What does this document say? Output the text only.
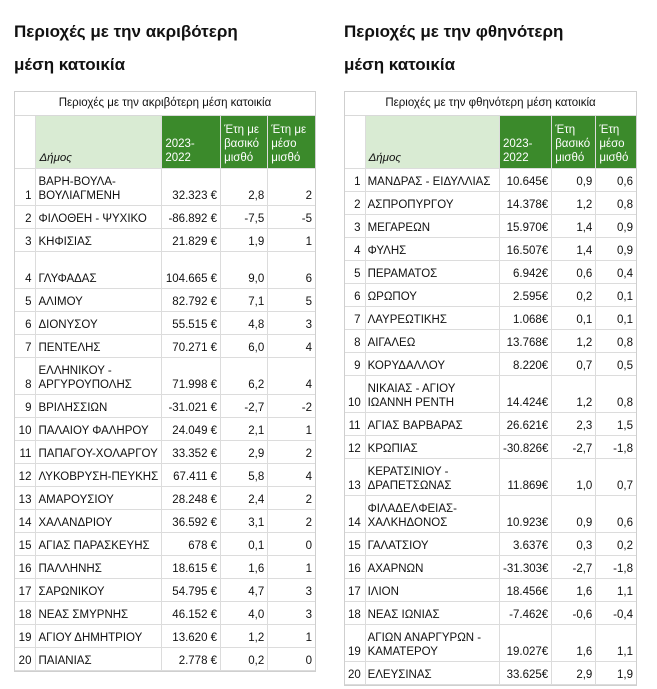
Περιοχές με την ακριβότερη
μέση κατοικία
Περιοχές με την ακριβότερη μέση κατοικία
	Δήμος	2023-2022	Έτη με βασικό μισθό	Έτη με μέσο μισθό
1	ΒΑΡΗ-ΒΟΥΛΑ-ΒΟΥΛΙΑΓΜΕΝΗ	32.323 €	2,8	2
2	ΦΙΛΟΘΕΗ - ΨΥΧΙΚΟ	-86.892 €	-7,5	-5
3	ΚΗΦΙΣΙΑΣ	21.829 €	1,9	1
4	ΓΛΥΦΑΔΑΣ	104.665 €	9,0	6
5	ΑΛΙΜΟΥ	82.792 €	7,1	5
6	ΔΙΟΝΥΣΟΥ	55.515 €	4,8	3
7	ΠΕΝΤΕΛΗΣ	70.271 €	6,0	4
8	ΕΛΛΗΝΙΚΟΥ - ΑΡΓΥΡΟΥΠΟΛΗΣ	71.998 €	6,2	4
9	ΒΡΙΛΗΣΣΙΩΝ	-31.021 €	-2,7	-2
10	ΠΑΛΑΙΟΥ ΦΑΛΗΡΟΥ	24.049 €	2,1	1
11	ΠΑΠΑΓΟΥ-ΧΟΛΑΡΓΟΥ	33.352 €	2,9	2
12	ΛΥΚΟΒΡΥΣΗ-ΠΕΥΚΗΣ	67.411 €	5,8	4
13	ΑΜΑΡΟΥΣΙΟΥ	28.248 €	2,4	2
14	ΧΑΛΑΝΔΡΙΟΥ	36.592 €	3,1	2
15	ΑΓΙΑΣ ΠΑΡΑΣΚΕΥΗΣ	678 €	0,1	0
16	ΠΑΛΛΗΝΗΣ	18.615 €	1,6	1
17	ΣΑΡΩΝΙΚΟΥ	54.795 €	4,7	3
18	ΝΕΑΣ ΣΜΥΡΝΗΣ	46.152 €	4,0	3
19	ΑΓΙΟΥ ΔΗΜΗΤΡΙΟΥ	13.620 €	1,2	1
20	ΠΑΙΑΝΙΑΣ	2.778 €	0,2	0
Περιοχές με την φθηνότερη
μέση κατοικία
Περιοχές με την φθηνότερη μέση κατοικία
	Δήμος	2023-2022	Έτη βασικό μισθό	Έτη μέσο μισθό
1	ΜΑΝΔΡΑΣ - ΕΙΔΥΛΛΙΑΣ	10.645€	0,9	0,6
2	ΑΣΠΡΟΠΥΡΓΟΥ	14.378€	1,2	0,8
3	ΜΕΓΑΡΕΩΝ	15.970€	1,4	0,9
4	ΦΥΛΗΣ	16.507€	1,4	0,9
5	ΠΕΡΑΜΑΤΟΣ	6.942€	0,6	0,4
6	ΩΡΩΠΟΥ	2.595€	0,2	0,1
7	ΛΑΥΡΕΩΤΙΚΗΣ	1.068€	0,1	0,1
8	ΑΙΓΑΛΕΩ	13.768€	1,2	0,8
9	ΚΟΡΥΔΑΛΛΟΥ	8.220€	0,7	0,5
10	ΝΙΚΑΙΑΣ - ΑΓΙΟΥ ΙΩΑΝΝΗ ΡΕΝΤΗ	14.424€	1,2	0,8
11	ΑΓΙΑΣ ΒΑΡΒΑΡΑΣ	26.621€	2,3	1,5
12	ΚΡΩΠΙΑΣ	-30.826€	-2,7	-1,8
13	ΚΕΡΑΤΣΙΝΙΟΥ - ΔΡΑΠΕΤΣΩΝΑΣ	11.869€	1,0	0,7
14	ΦΙΛΑΔΕΛΦΕΙΑΣ-ΧΑΛΚΗΔΟΝΟΣ	10.923€	0,9	0,6
15	ΓΑΛΑΤΣΙΟΥ	3.637€	0,3	0,2
16	ΑΧΑΡΝΩΝ	-31.303€	-2,7	-1,8
17	ΙΛΙΟΝ	18.456€	1,6	1,1
18	ΝΕΑΣ ΙΩΝΙΑΣ	-7.462€	-0,6	-0,4
19	ΑΓΙΩΝ ΑΝΑΡΓΥΡΩΝ - ΚΑΜΑΤΕΡΟΥ	19.027€	1,6	1,1
20	ΕΛΕΥΣΙΝΑΣ	33.625€	2,9	1,9
